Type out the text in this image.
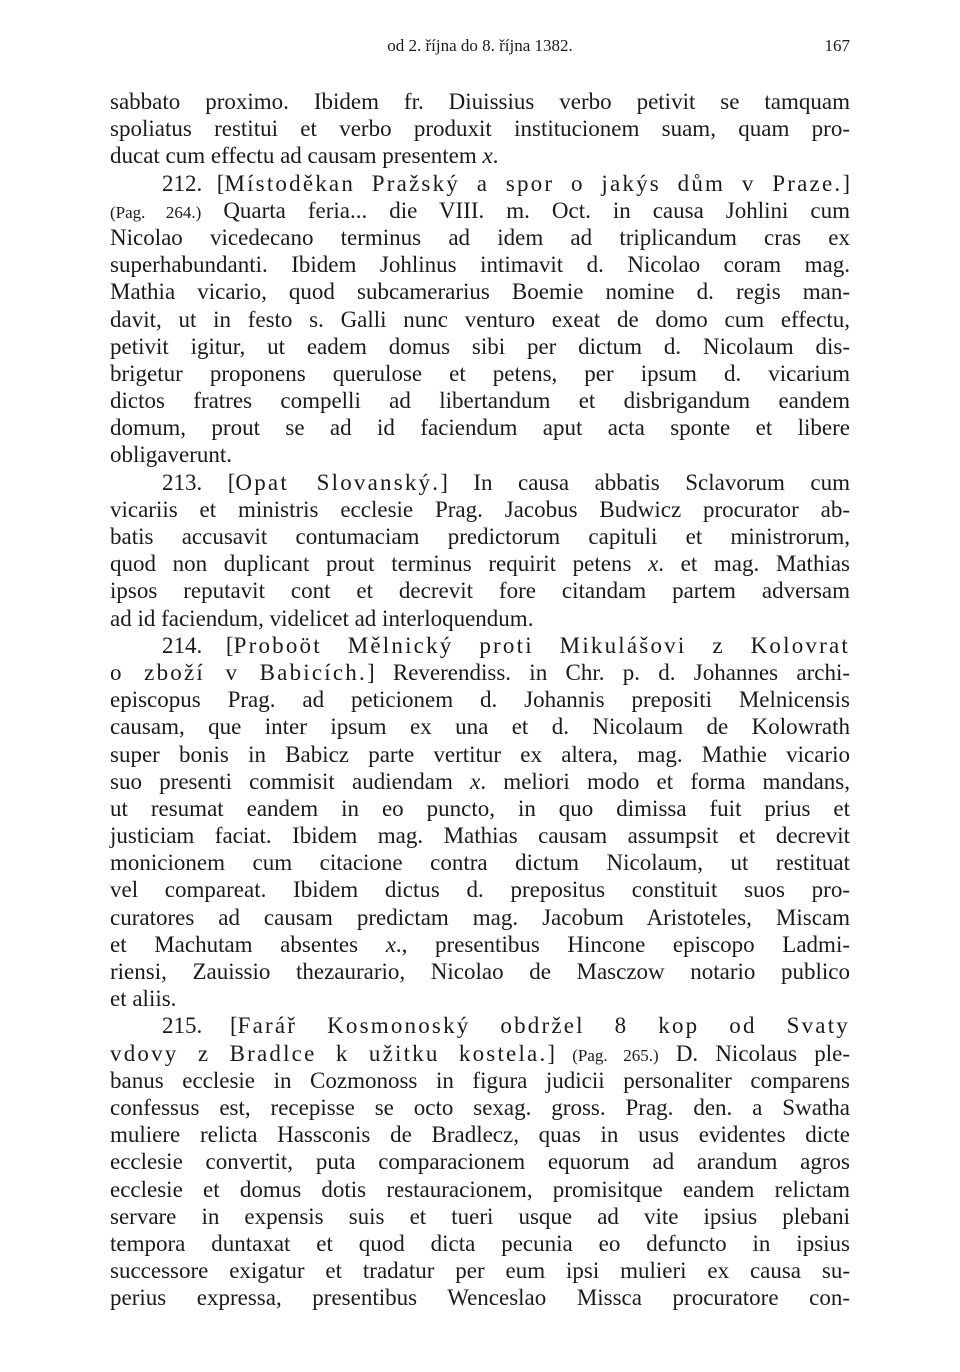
od 2. října do 8. října 1382.	167
sabbato proximo. Ibidem fr. Diuissius verbo petivit se tamquam
spoliatus restitui et verbo produxit institucionem suam, quam pro-
ducat cum effectu ad causam presentem x.
212. [Místoděkan Pražský a spor o jakýs dům v Praze.]
(Pag. 264.) Quarta feria... die VIII. m. Oct. in causa Johlini cum
Nicolao vicedecano terminus ad idem ad triplicandum cras ex
superhabundanti. Ibidem Johlinus intimavit d. Nicolao coram mag.
Mathia vicario, quod subcamerarius Boemie nomine d. regis man-
davit, ut in festo s. Galli nunc venturo exeat de domo cum effectu,
petivit igitur, ut eadem domus sibi per dictum d. Nicolaum dis-
brigetur proponens querulose et petens, per ipsum d. vicarium
dictos fratres compelli ad libertandum et disbrigandum eandem
domum, prout se ad id faciendum aput acta sponte et libere
obligaverunt.
213. [Opat Slovanský.] In causa abbatis Sclavorum cum
vicariis et ministris ecclesie Prag. Jacobus Budwicz procurator ab-
batis accusavit contumaciam predictorum capituli et ministrorum,
quod non duplicant prout terminus requirit petens x. et mag. Mathias
ipsos reputavit cont et decrevit fore citandam partem adversam
ad id faciendum, videlicet ad interloquendum.
214. [Proboöt Mělnický proti Mikulášovi z Kolovrat
o zboží v Babicích.] Reverendiss. in Chr. p. d. Johannes archi-
episcopus Prag. ad peticionem d. Johannis prepositi Melnicensis
causam, que inter ipsum ex una et d. Nicolaum de Kolowrath
super bonis in Babicz parte vertitur ex altera, mag. Mathie vicario
suo presenti commisit audiendam x. meliori modo et forma mandans,
ut resumat eandem in eo puncto, in quo dimissa fuit prius et
justiciam faciat. Ibidem mag. Mathias causam assumpsit et decrevit
monicionem cum citacione contra dictum Nicolaum, ut restituat
vel compareat. Ibidem dictus d. prepositus constituit suos pro-
curatores ad causam predictam mag. Jacobum Aristoteles, Miscam
et Machutam absentes x., presentibus Hincone episcopo Ladmi-
riensi, Zauissio thezaurario, Nicolao de Masczow notario publico
et aliis.
215. [Farář Kosmonoský obdržel 8 kop od Svaty
vdovy z Bradlce k užitku kostela.] (Pag. 265.) D. Nicolaus ple-
banus ecclesie in Cozmonoss in figura judicii personaliter comparens
confessus est, recepisse se octo sexag. gross. Prag. den. a Swatha
muliere relicta Hassconis de Bradlecz, quas in usus evidentes dicte
ecclesie convertit, puta comparacionem equorum ad arandum agros
ecclesie et domus dotis restauracionem, promisitque eandem relictam
servare in expensis suis et tueri usque ad vite ipsius plebani
tempora duntaxat et quod dicta pecunia eo defuncto in ipsius
successore exigatur et tradatur per eum ipsi mulieri ex causa su-
perius expressa, presentibus Wenceslao Missca procuratore con-
